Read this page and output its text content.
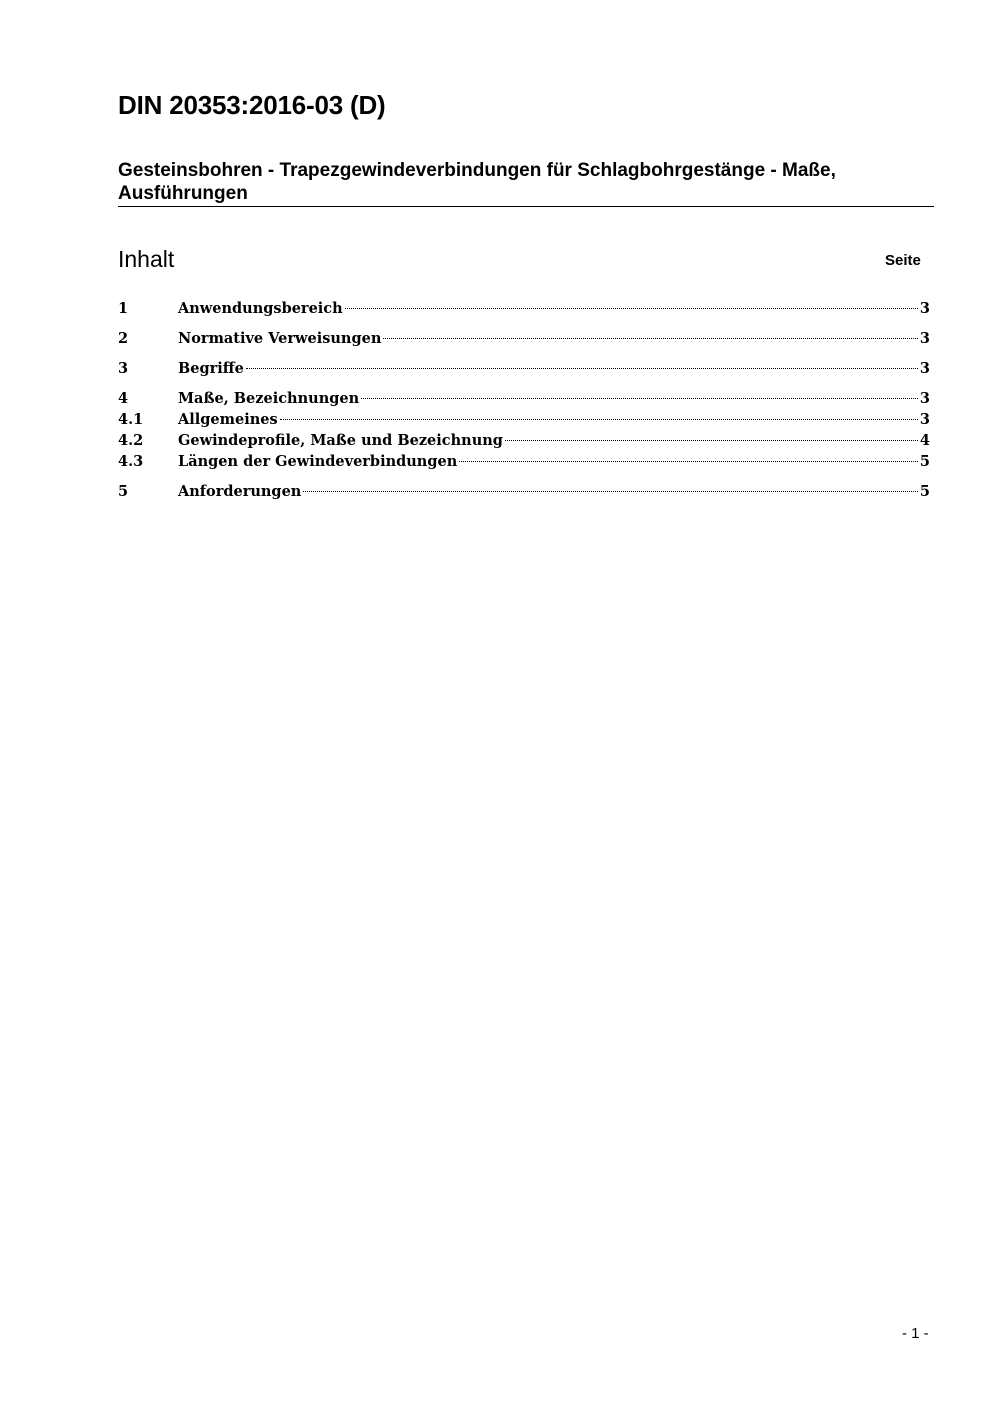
DIN 20353:2016-03 (D)
Gesteinsbohren - Trapezgewindeverbindungen für Schlagbohrgestänge - Maße, Ausführungen
Inhalt	Seite
1	Anwendungsbereich	3
2	Normative Verweisungen	3
3	Begriffe	3
4	Maße, Bezeichnungen	3
4.1	Allgemeines	3
4.2	Gewindeprofile, Maße und Bezeichnung	4
4.3	Längen der Gewindeverbindungen	5
5	Anforderungen	5
- 1 -
